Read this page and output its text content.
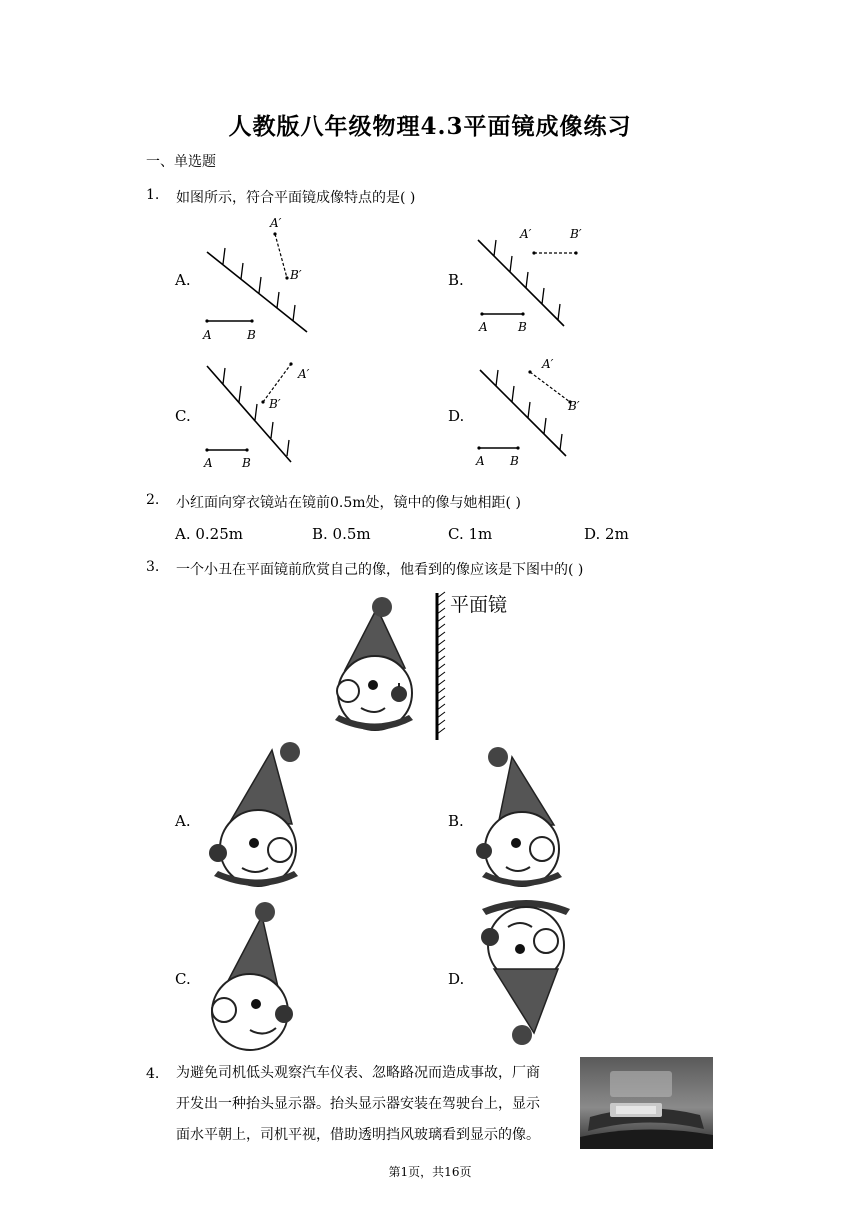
人教版八年级物理4.3平面镜成像练习
一、单选题
1. 如图所示，符合平面镜成像特点的是( )
A.	B.
C.	D.
A	B
A′
B′
A	B
A′	B′
A B
A′
B′
A B
A′
B′
2. 小红面向穿衣镜站在镜前0.5m处，镜中的像与她相距( )
A. 0.25m	B. 0.5m	C. 1m	D. 2m
3. 一个小丑在平面镜前欣赏自己的像，他看到的像应该是下图中的( )
平面镜
A.	B.
C.	D.
4. 为避免司机低头观察汽车仪表、忽略路况而造成事故，厂商
开发出一种抬头显示器。抬头显示器安装在驾驶台上，显示
面水平朝上，司机平视，借助透明挡风玻璃看到显示的像。
第1页，共16页
